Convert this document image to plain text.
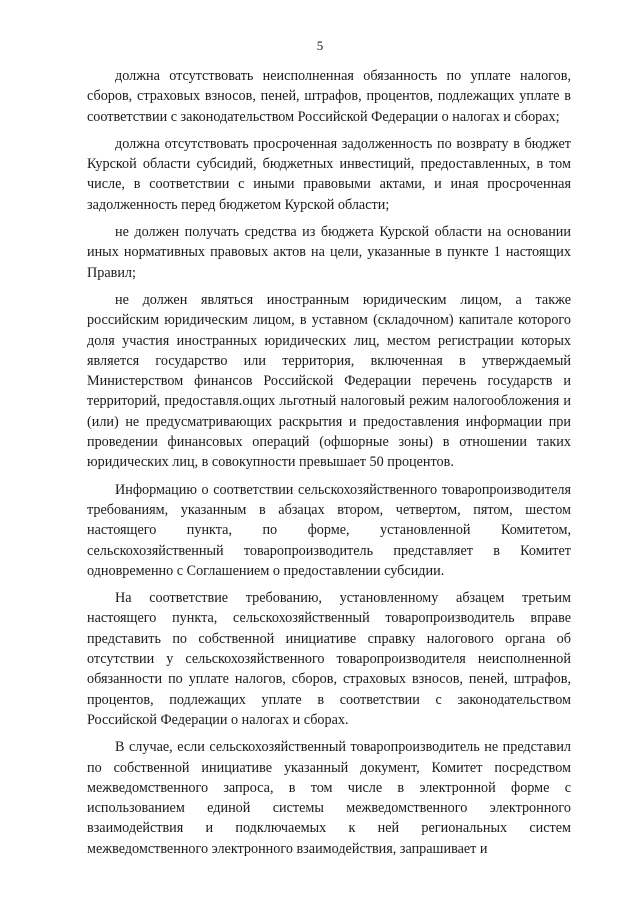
5

должна отсутствовать неисполненная обязанность по уплате налогов, сборов, страховых взносов, пеней, штрафов, процентов, подлежащих уплате в соответствии с законодательством Российской Федерации о налогах и сборах;

должна отсутствовать просроченная задолженность по возврату в бюджет Курской области субсидий, бюджетных инвестиций, предоставленных, в том числе, в соответствии с иными правовыми актами, и иная просроченная задолженность перед бюджетом Курской области;

не должен получать средства из бюджета Курской области на основании иных нормативных правовых актов на цели, указанные в пункте 1 настоящих Правил;

не должен являться иностранным юридическим лицом, а также российским юридическим лицом, в уставном (складочном) капитале которого доля участия иностранных юридических лиц, местом регистрации которых является государство или территория, включенная в утверждаемый Министерством финансов Российской Федерации перечень государств и территорий, предоставля.ощих льготный налоговый режим налогообложения и (или) не предусматривающих раскрытия и предоставления информации при проведении финансовых операций (офшорные зоны) в отношении таких юридических лиц, в совокупности превышает 50 процентов.

Информацию о соответствии сельскохозяйственного товаропроизводителя требованиям, указанным в абзацах втором, четвертом, пятом, шестом настоящего пункта, по форме, установленной Комитетом, сельскохозяйственный товаропроизводитель представляет в Комитет одновременно с Соглашением о предоставлении субсидии.

На соответствие требованию, установленному абзацем третьим настоящего пункта, сельскохозяйственный товаропроизводитель вправе представить по собственной инициативе справку налогового органа об отсутствии у сельскохозяйственного товаропроизводителя неисполненной обязанности по уплате налогов, сборов, страховых взносов, пеней, штрафов, процентов, подлежащих уплате в соответствии с законодательством Российской Федерации о налогах и сборах.

В случае, если сельскохозяйственный товаропроизводитель не представил по собственной инициативе указанный документ, Комитет посредством межведомственного запроса, в том числе в электронной форме с использованием единой системы межведомственного электронного взаимодействия и подключаемых к ней региональных систем межведомственного электронного взаимодействия, запрашивает и
